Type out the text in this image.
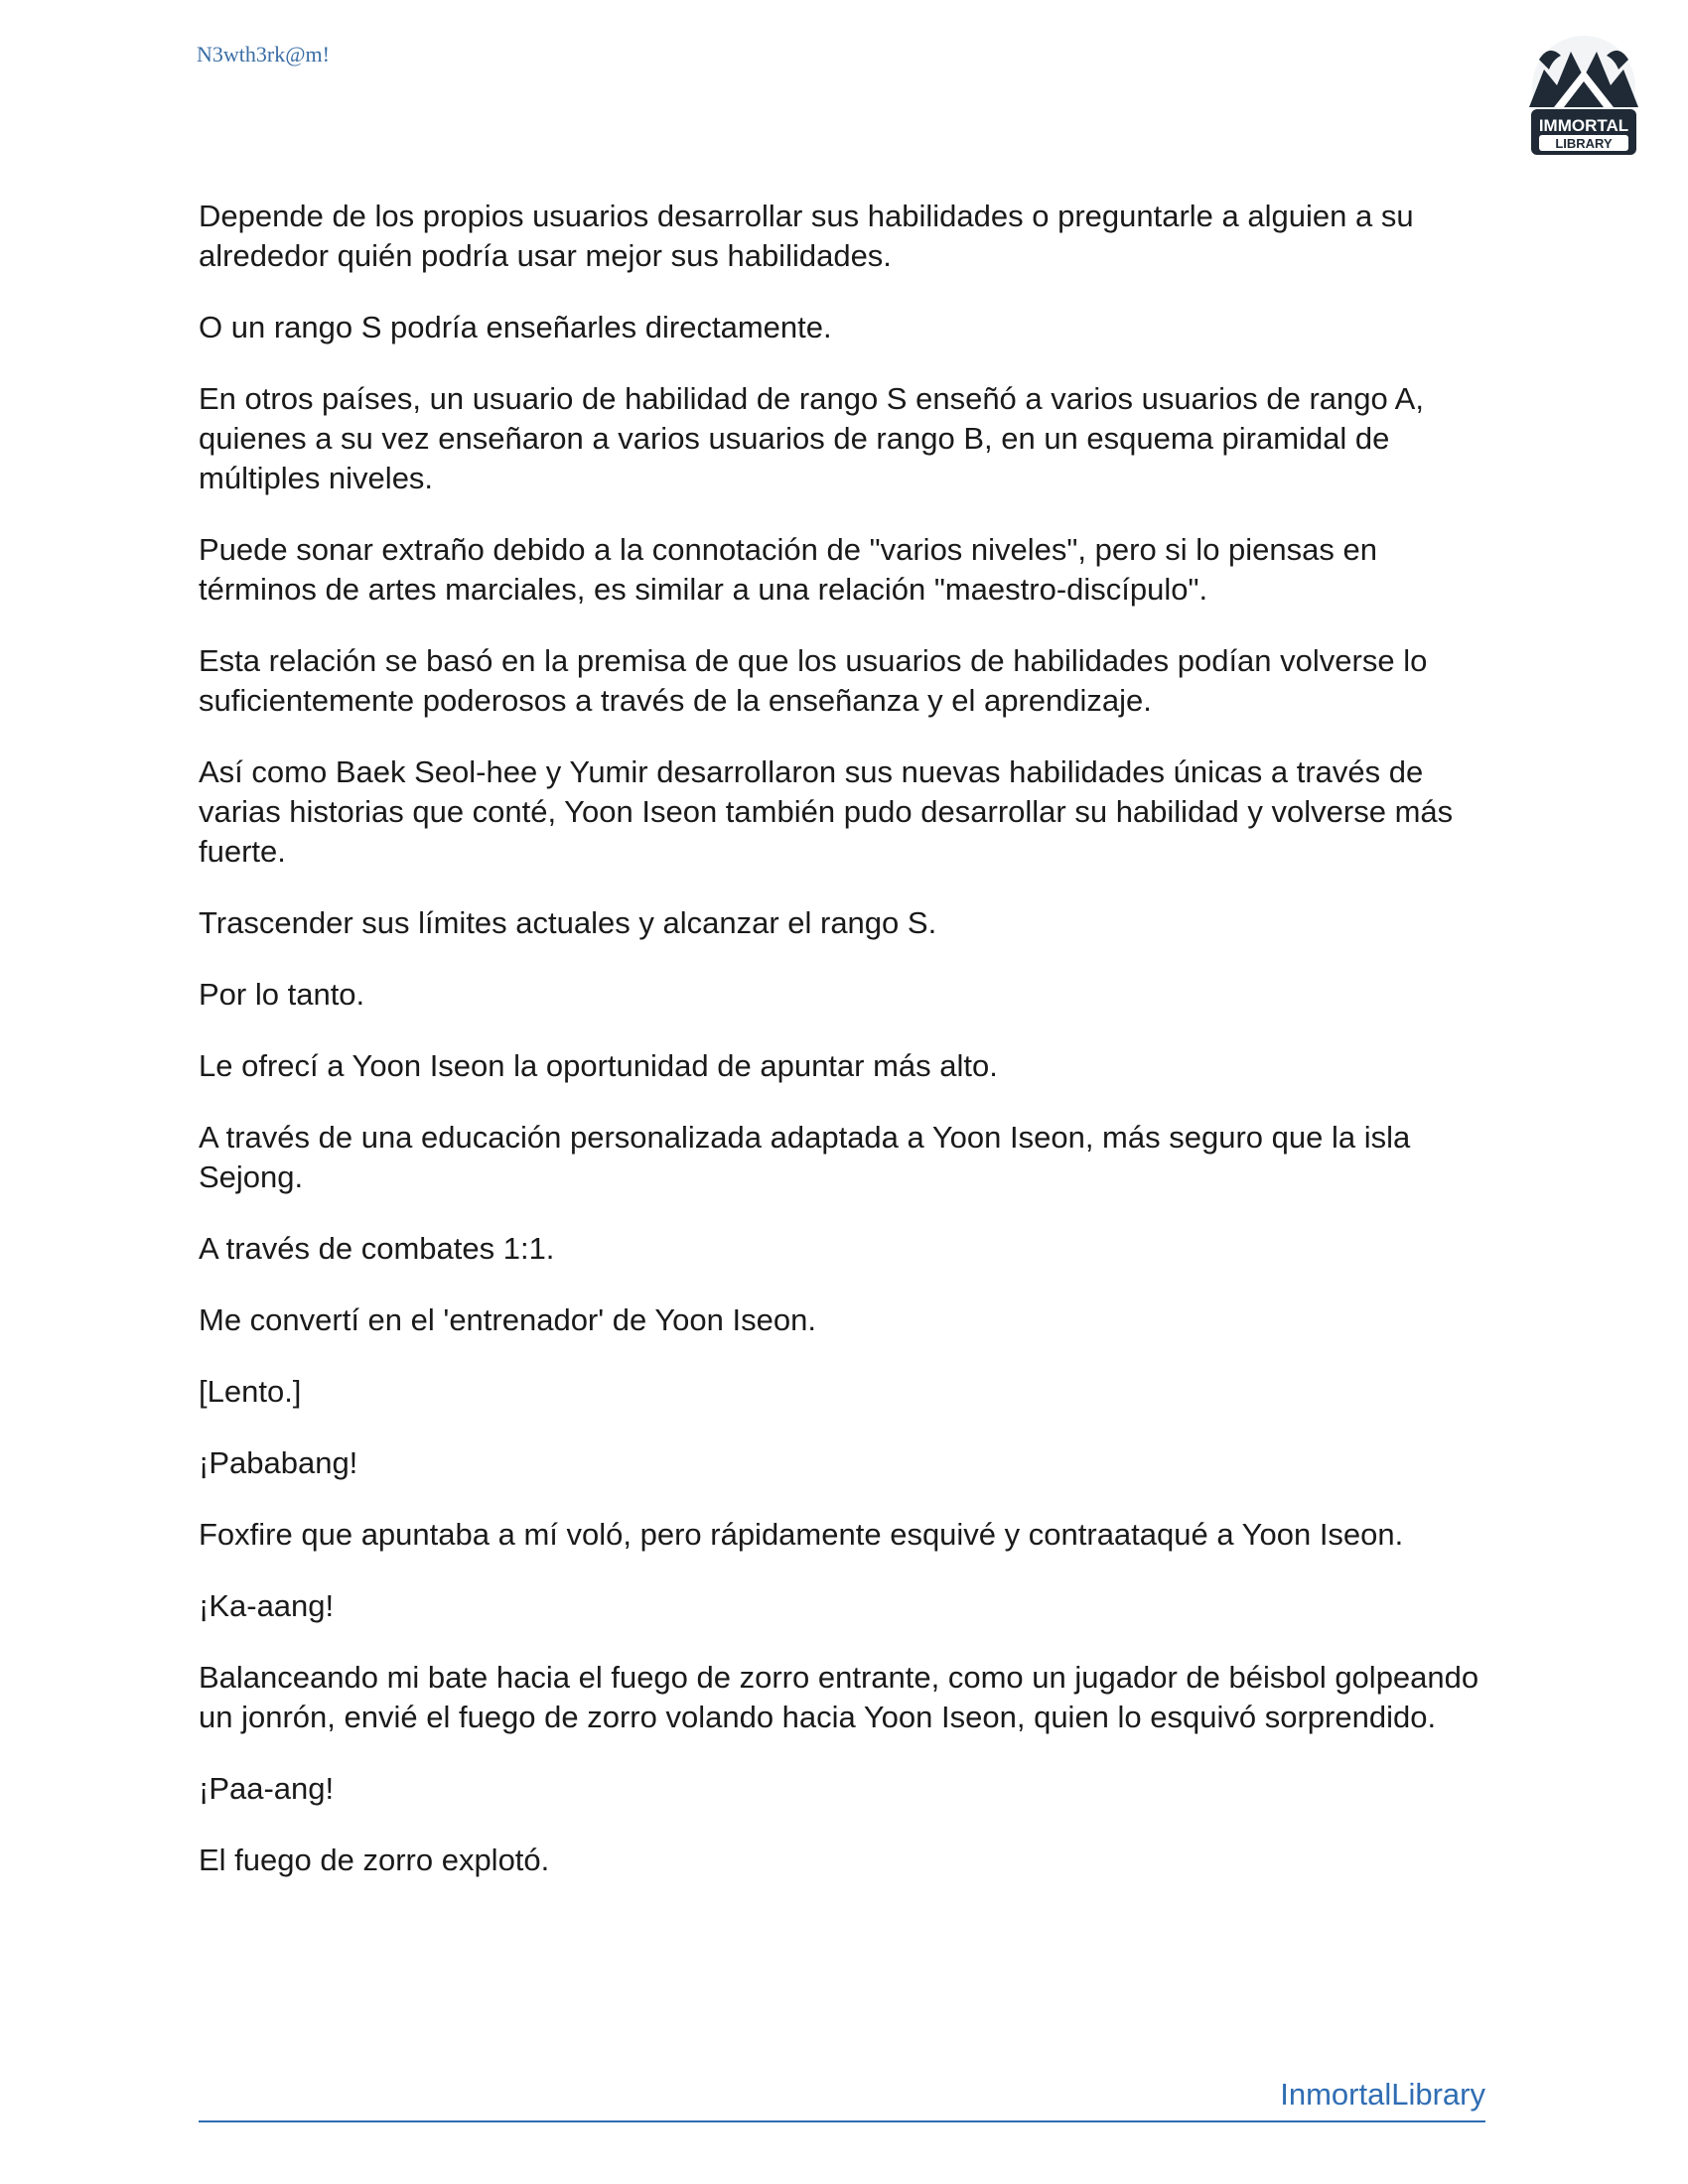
N3wth3rk@m!
IMMORTAL
LIBRARY

Depende de los propios usuarios desarrollar sus habilidades o preguntarle a alguien a su alrededor quién podría usar mejor sus habilidades.

O un rango S podría enseñarles directamente.

En otros países, un usuario de habilidad de rango S enseñó a varios usuarios de rango A, quienes a su vez enseñaron a varios usuarios de rango B, en un esquema piramidal de múltiples niveles.

Puede sonar extraño debido a la connotación de "varios niveles", pero si lo piensas en términos de artes marciales, es similar a una relación "maestro-discípulo".

Esta relación se basó en la premisa de que los usuarios de habilidades podían volverse lo suficientemente poderosos a través de la enseñanza y el aprendizaje.

Así como Baek Seol-hee y Yumir desarrollaron sus nuevas habilidades únicas a través de varias historias que conté, Yoon Iseon también pudo desarrollar su habilidad y volverse más fuerte.

Trascender sus límites actuales y alcanzar el rango S.

Por lo tanto.

Le ofrecí a Yoon Iseon la oportunidad de apuntar más alto.

A través de una educación personalizada adaptada a Yoon Iseon, más seguro que la isla Sejong.

A través de combates 1:1.

Me convertí en el 'entrenador' de Yoon Iseon.

[Lento.]

¡Pababang!

Foxfire que apuntaba a mí voló, pero rápidamente esquivé y contraataqué a Yoon Iseon.

¡Ka-aang!

Balanceando mi bate hacia el fuego de zorro entrante, como un jugador de béisbol golpeando un jonrón, envié el fuego de zorro volando hacia Yoon Iseon, quien lo esquivó sorprendido.

¡Paa-ang!

El fuego de zorro explotó.

InmortalLibrary
